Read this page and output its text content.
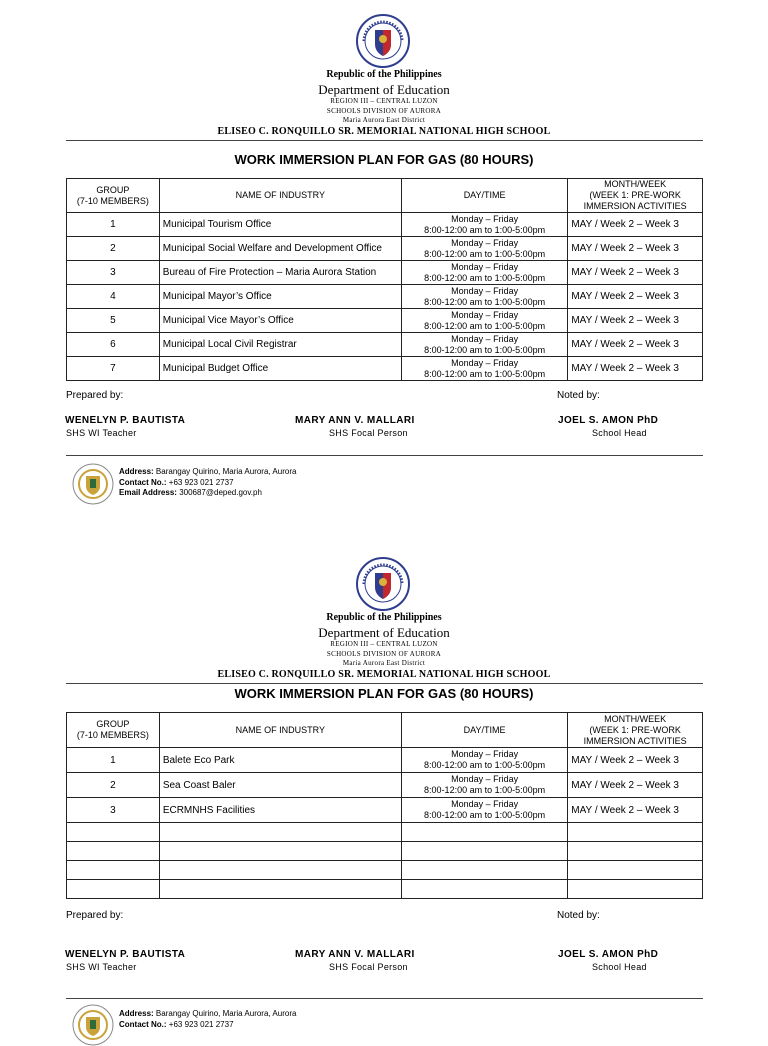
Republic of the Philippines
Department of Education
REGION III – CENTRAL LUZON
SCHOOLS DIVISION OF AURORA
Maria Aurora East District
ELISEO C. RONQUILLO SR. MEMORIAL NATIONAL HIGH SCHOOL
WORK IMMERSION PLAN FOR GAS (80 HOURS)
GROUP
(7-10 MEMBERS)	NAME OF INDUSTRY	DAY/TIME	MONTH/WEEK
(WEEK 1: PRE-WORK
IMMERSION ACTIVITIES
1	Municipal Tourism Office	Monday – Friday
8:00-12:00 am to 1:00-5:00pm	MAY / Week 2 – Week 3
2	Municipal Social Welfare and Development Office	Monday – Friday
8:00-12:00 am to 1:00-5:00pm	MAY / Week 2 – Week 3
3	Bureau of Fire Protection – Maria Aurora Station	Monday – Friday
8:00-12:00 am to 1:00-5:00pm	MAY / Week 2 – Week 3
4	Municipal Mayor’s Office	Monday – Friday
8:00-12:00 am to 1:00-5:00pm	MAY / Week 2 – Week 3
5	Municipal Vice Mayor’s Office	Monday – Friday
8:00-12:00 am to 1:00-5:00pm	MAY / Week 2 – Week 3
6	Municipal Local Civil Registrar	Monday – Friday
8:00-12:00 am to 1:00-5:00pm	MAY / Week 2 – Week 3
7	Municipal Budget Office	Monday – Friday
8:00-12:00 am to 1:00-5:00pm	MAY / Week 2 – Week 3
Prepared by:	Noted by:
WENELYN P. BAUTISTA
SHS WI Teacher
MARY ANN V. MALLARI
SHS Focal Person
JOEL S. AMON PhD
School Head
Address: Barangay Quirino, Maria Aurora, Aurora
Contact No.: +63 923 021 2737
Email Address: 300687@deped.gov.ph
Republic of the Philippines
Department of Education
REGION III – CENTRAL LUZON
SCHOOLS DIVISION OF AURORA
Maria Aurora East District
ELISEO C. RONQUILLO SR. MEMORIAL NATIONAL HIGH SCHOOL
WORK IMMERSION PLAN FOR GAS (80 HOURS)
GROUP
(7-10 MEMBERS)	NAME OF INDUSTRY	DAY/TIME	MONTH/WEEK
(WEEK 1: PRE-WORK
IMMERSION ACTIVITIES
1	Balete Eco Park	Monday – Friday
8:00-12:00 am to 1:00-5:00pm	MAY / Week 2 – Week 3
2	Sea Coast Baler	Monday – Friday
8:00-12:00 am to 1:00-5:00pm	MAY / Week 2 – Week 3
3	ECRMNHS Facilities	Monday – Friday
8:00-12:00 am to 1:00-5:00pm	MAY / Week 2 – Week 3

Prepared by:	Noted by:
WENELYN P. BAUTISTA
SHS WI Teacher
MARY ANN V. MALLARI
SHS Focal Person
JOEL S. AMON PhD
School Head
Address: Barangay Quirino, Maria Aurora, Aurora
Contact No.: +63 923 021 2737
